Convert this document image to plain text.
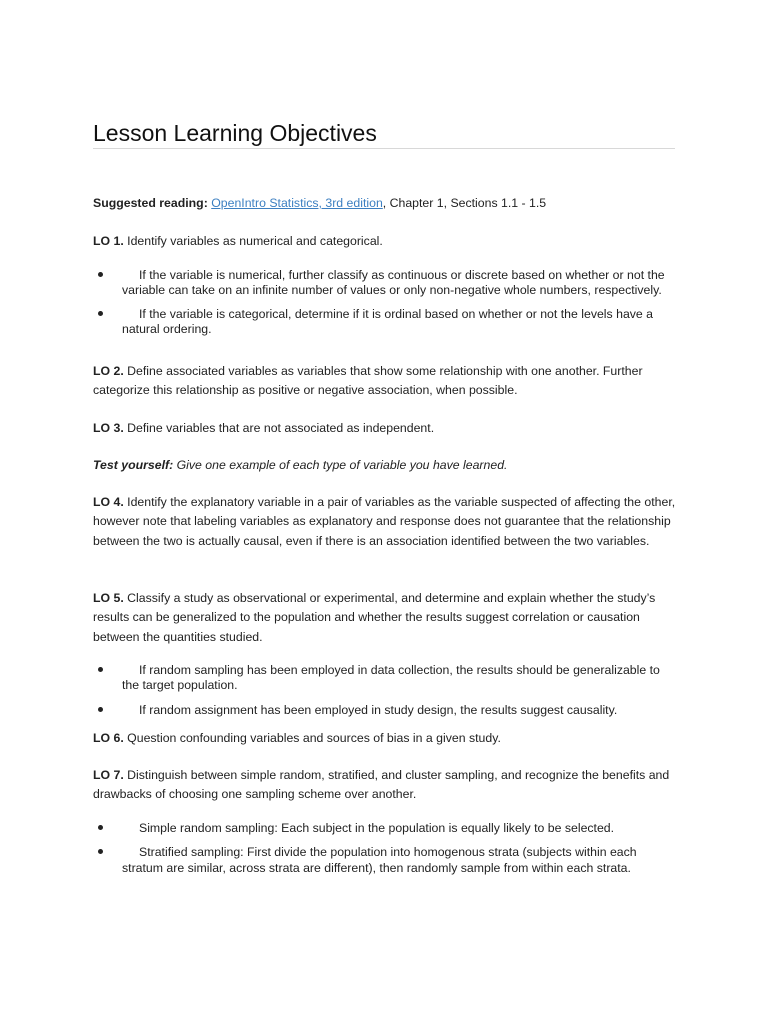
Lesson Learning Objectives
Suggested reading: OpenIntro Statistics, 3rd edition, Chapter 1, Sections 1.1 - 1.5
LO 1. Identify variables as numerical and categorical.
If the variable is numerical, further classify as continuous or discrete based on whether or not the variable can take on an infinite number of values or only non-negative whole numbers, respectively.
If the variable is categorical, determine if it is ordinal based on whether or not the levels have a natural ordering.
LO 2. Define associated variables as variables that show some relationship with one another. Further categorize this relationship as positive or negative association, when possible.
LO 3. Define variables that are not associated as independent.
Test yourself: Give one example of each type of variable you have learned.
LO 4. Identify the explanatory variable in a pair of variables as the variable suspected of affecting the other, however note that labeling variables as explanatory and response does not guarantee that the relationship between the two is actually causal, even if there is an association identified between the two variables.
LO 5. Classify a study as observational or experimental, and determine and explain whether the study’s results can be generalized to the population and whether the results suggest correlation or causation between the quantities studied.
If random sampling has been employed in data collection, the results should be generalizable to the target population.
If random assignment has been employed in study design, the results suggest causality.
LO 6. Question confounding variables and sources of bias in a given study.
LO 7. Distinguish between simple random, stratified, and cluster sampling, and recognize the benefits and drawbacks of choosing one sampling scheme over another.
Simple random sampling: Each subject in the population is equally likely to be selected.
Stratified sampling: First divide the population into homogenous strata (subjects within each stratum are similar, across strata are different), then randomly sample from within each strata.
